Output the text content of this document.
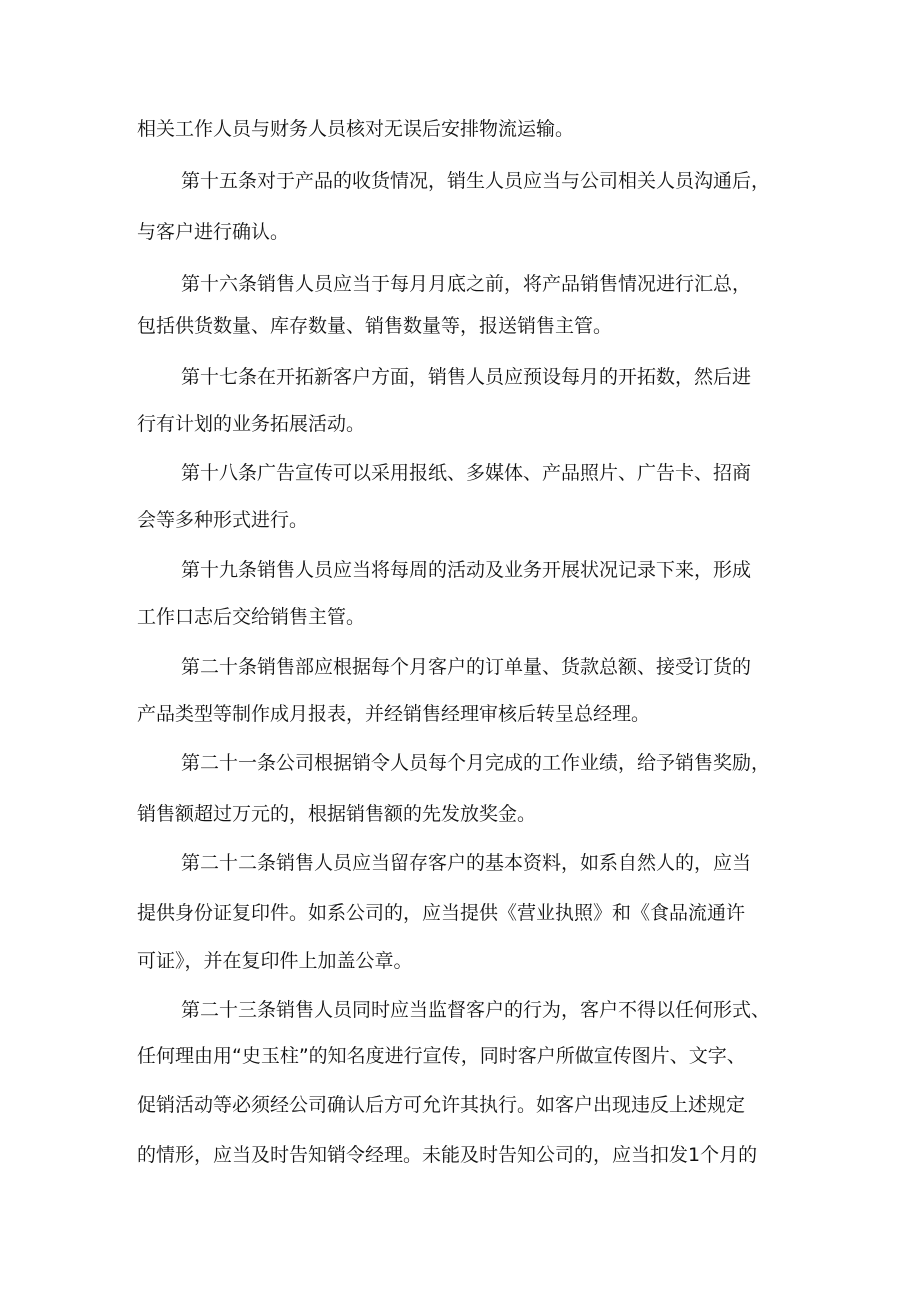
相关工作人员与财务人员核对无误后安排物流运输。
第十五条对于产品的收货情况，销生人员应当与公司相关人员沟通后，
与客户进行确认。
第十六条销售人员应当于每月月底之前，将产品销售情况进行汇总，
包括供货数量、库存数量、销售数量等，报送销售主管。
第十七条在开拓新客户方面，销售人员应预设每月的开拓数，然后进
行有计划的业务拓展活动。
第十八条广告宣传可以采用报纸、多媒体、产品照片、广告卡、招商
会等多种形式进行。
第十九条销售人员应当将每周的活动及业务开展状况记录下来，形成
工作口志后交给销售主管。
第二十条销售部应根据每个月客户的订单量、货款总额、接受订货的
产品类型等制作成月报表，并经销售经理审核后转呈总经理。
第二十一条公司根据销令人员每个月完成的工作业绩，给予销售奖励，
销售额超过万元的，根据销售额的先发放奖金。
第二十二条销售人员应当留存客户的基本资料，如系自然人的，应当
提供身份证复印件。如系公司的，应当提供《营业执照》和《食品流通许
可证》，并在复印件上加盖公章。
第二十三条销售人员同时应当监督客户的行为，客户不得以任何形式、
任何理由用“史玉柱”的知名度进行宣传，同时客户所做宣传图片、文字、
促销活动等必须经公司确认后方可允许其执行。如客户出现违反上述规定
的情形，应当及时告知销令经理。未能及时告知公司的，应当扣发1个月的
